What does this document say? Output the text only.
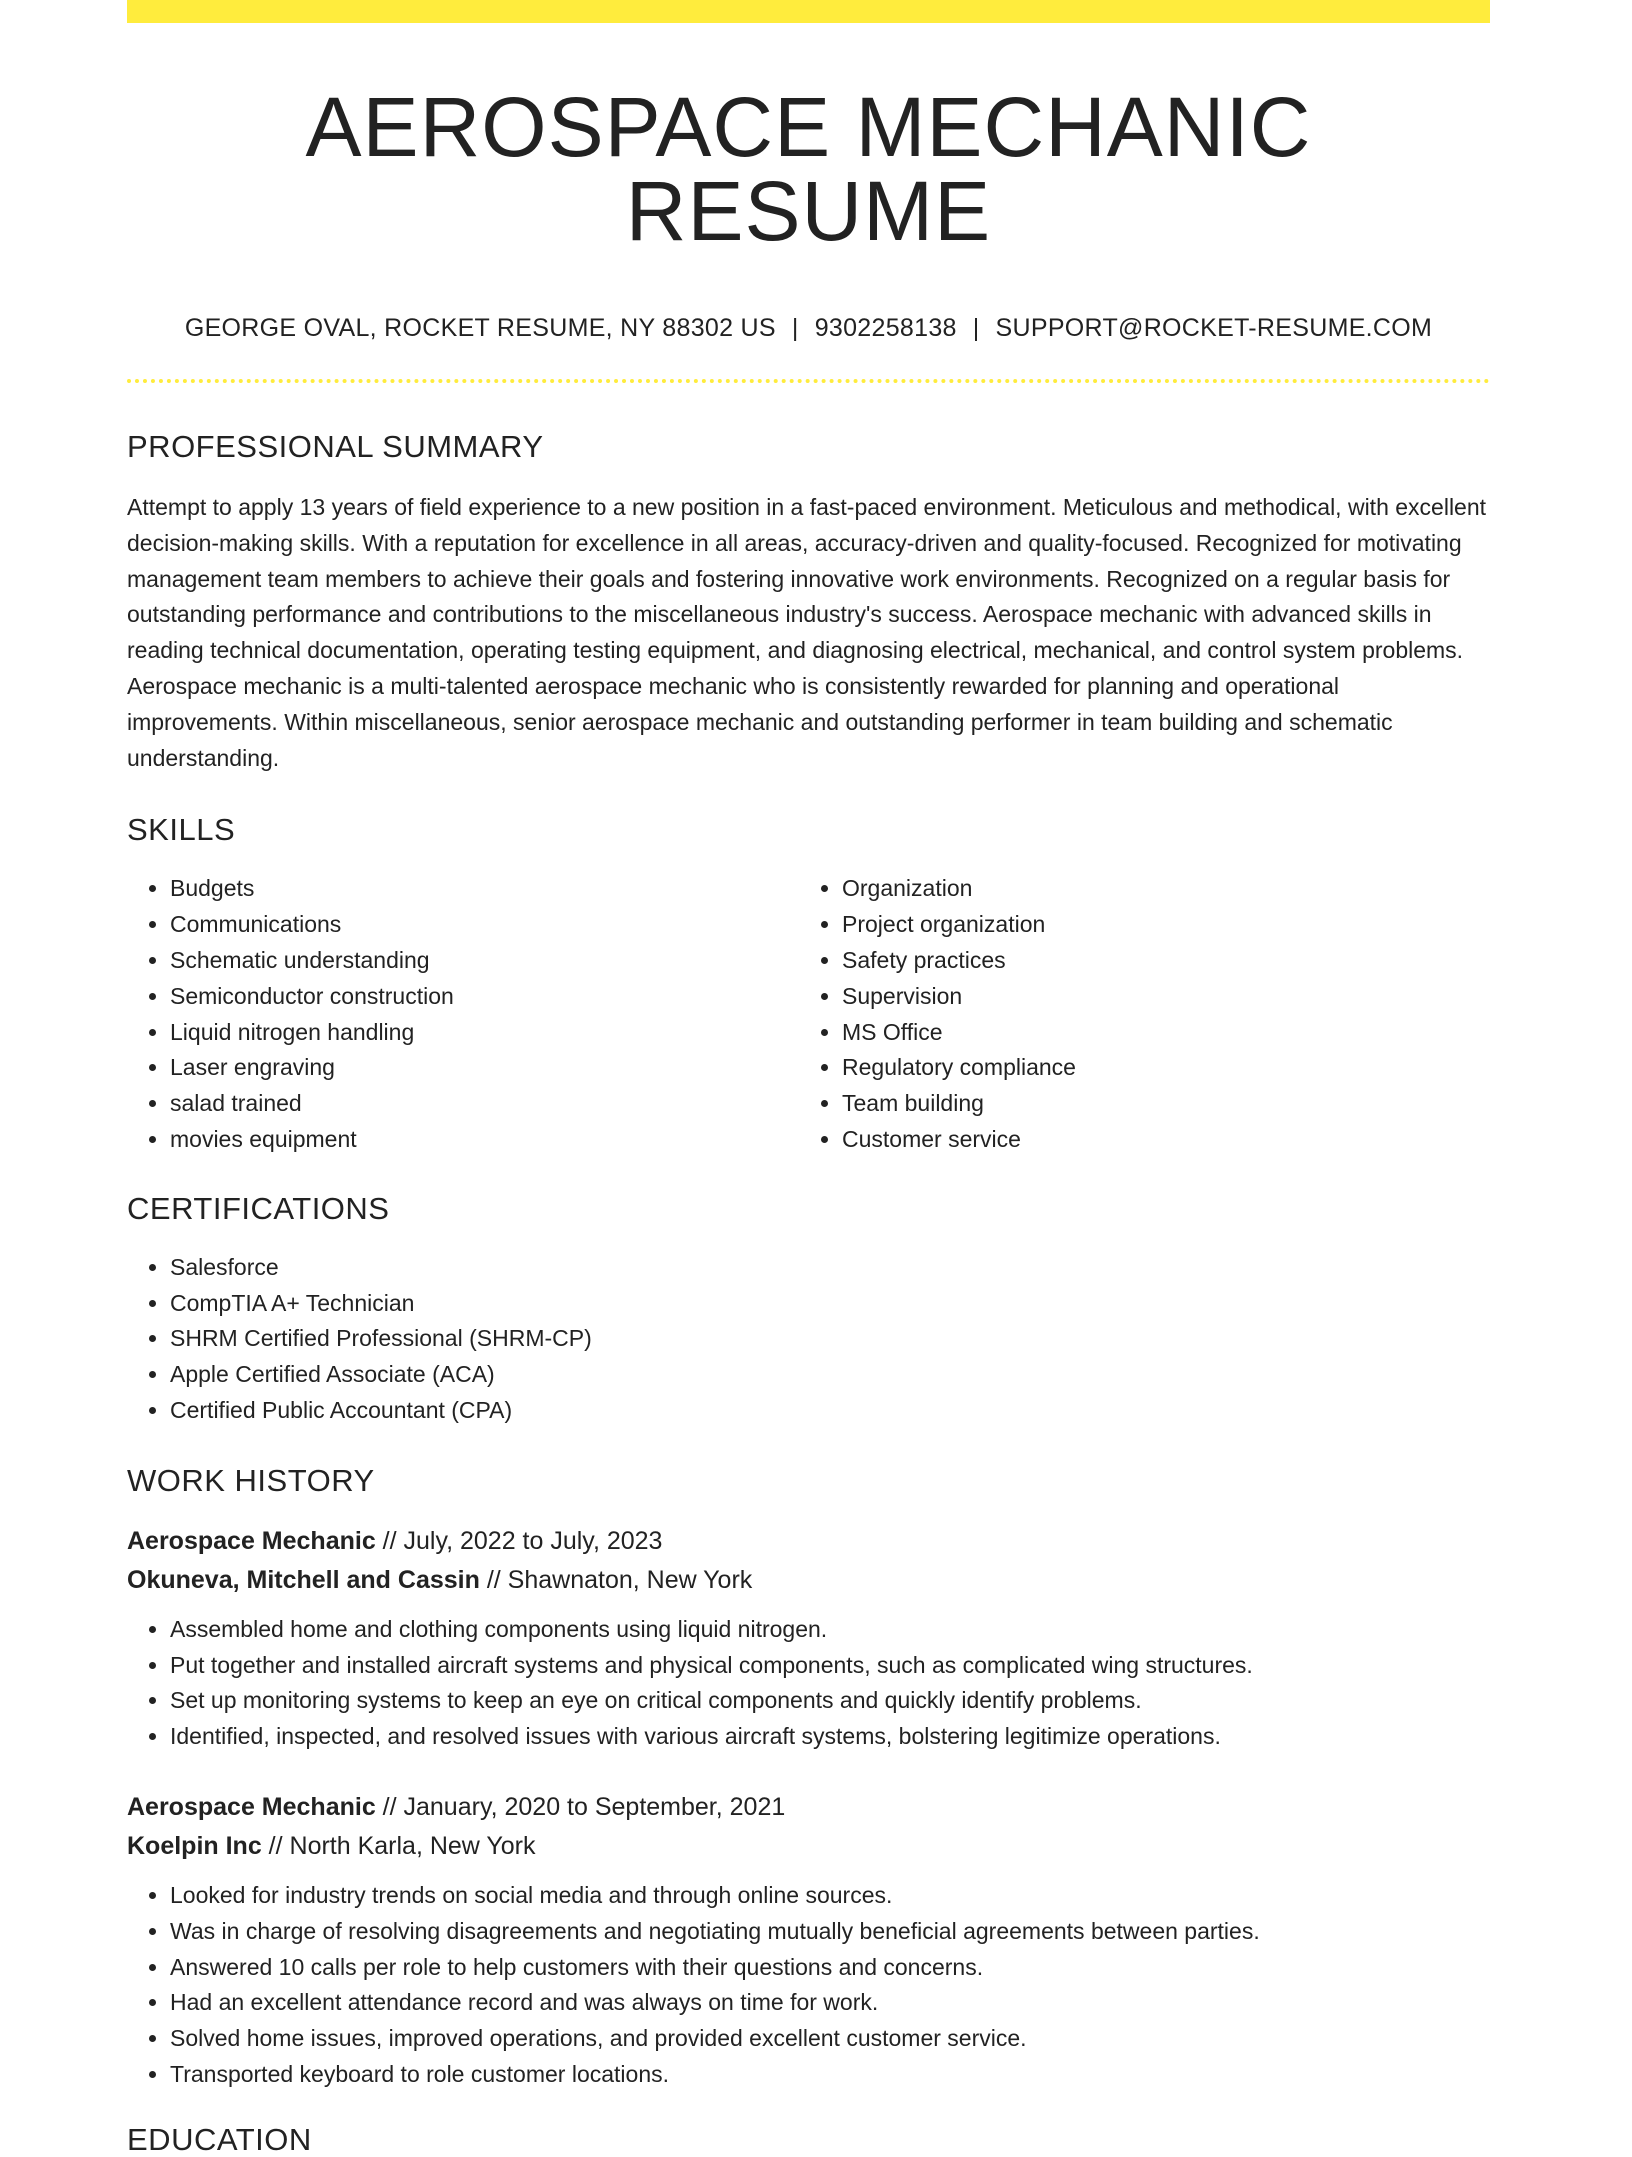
AEROSPACE MECHANIC RESUME
GEORGE OVAL, ROCKET RESUME, NY 88302 US | 9302258138 | SUPPORT@ROCKET-RESUME.COM
PROFESSIONAL SUMMARY

Attempt to apply 13 years of field experience to a new position in a fast-paced environment. Meticulous and methodical, with excellent decision-making skills. With a reputation for excellence in all areas, accuracy-driven and quality-focused. Recognized for motivating management team members to achieve their goals and fostering innovative work environments. Recognized on a regular basis for outstanding performance and contributions to the miscellaneous industry's success. Aerospace mechanic with advanced skills in reading technical documentation, operating testing equipment, and diagnosing electrical, mechanical, and control system problems. Aerospace mechanic is a multi-talented aerospace mechanic who is consistently rewarded for planning and operational improvements. Within miscellaneous, senior aerospace mechanic and outstanding performer in team building and schematic understanding.

SKILLS
• Budgets
• Communications
• Schematic understanding
• Semiconductor construction
• Liquid nitrogen handling
• Laser engraving
• salad trained
• movies equipment
• Organization
• Project organization
• Safety practices
• Supervision
• MS Office
• Regulatory compliance
• Team building
• Customer service
CERTIFICATIONS
• Salesforce
• CompTIA A+ Technician
• SHRM Certified Professional (SHRM-CP)
• Apple Certified Associate (ACA)
• Certified Public Accountant (CPA)
WORK HISTORY
Aerospace Mechanic // July, 2022 to July, 2023
Okuneva, Mitchell and Cassin // Shawnaton, New York
• Assembled home and clothing components using liquid nitrogen.
• Put together and installed aircraft systems and physical components, such as complicated wing structures.
• Set up monitoring systems to keep an eye on critical components and quickly identify problems.
• Identified, inspected, and resolved issues with various aircraft systems, bolstering legitimize operations.
Aerospace Mechanic // January, 2020 to September, 2021
Koelpin Inc // North Karla, New York
• Looked for industry trends on social media and through online sources.
• Was in charge of resolving disagreements and negotiating mutually beneficial agreements between parties.
• Answered 10 calls per role to help customers with their questions and concerns.
• Had an excellent attendance record and was always on time for work.
• Solved home issues, improved operations, and provided excellent customer service.
• Transported keyboard to role customer locations.
EDUCATION
